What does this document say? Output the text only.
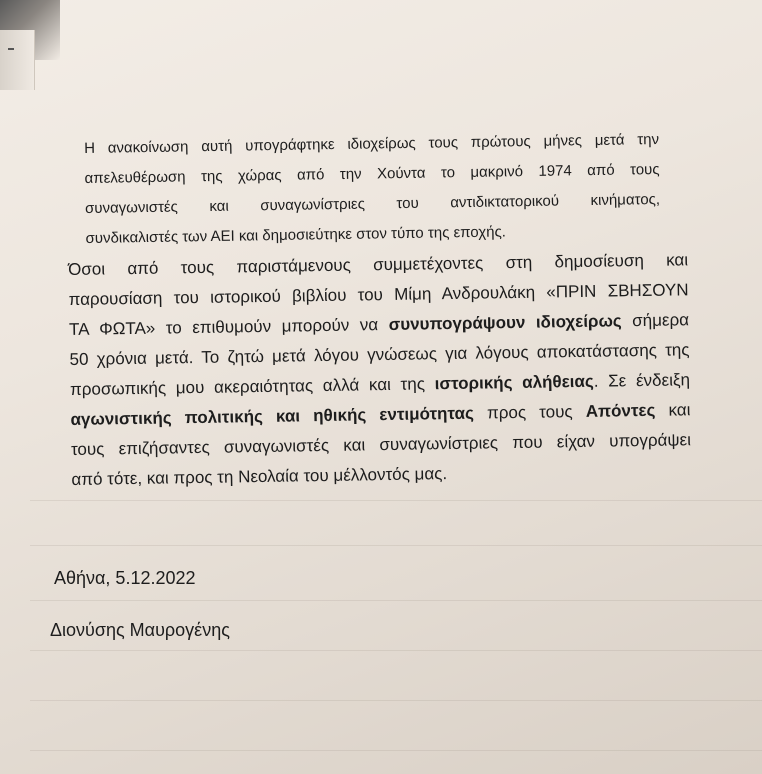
Η ανακοίνωση αυτή υπογράφτηκε ιδιοχείρως τους πρώτους μήνες μετά την
απελευθέρωση της χώρας από την Χούντα το μακρινό 1974 από τους
συναγωνιστές και συναγωνίστριες του αντιδικτατορικού κινήματος,
συνδικαλιστές των ΑΕΙ και δημοσιεύτηκε στον τύπο της εποχής.
Όσοι από τους παριστάμενους συμμετέχοντες στη δημοσίευση και
παρουσίαση του ιστορικού βιβλίου του Μίμη Ανδρουλάκη «ΠΡΙΝ ΣΒΗΣΟΥΝ
ΤΑ ΦΩΤΑ» το επιθυμούν μπορούν να συνυπογράψουν ιδιοχείρως σήμερα
50 χρόνια μετά. Το ζητώ μετά λόγου γνώσεως για λόγους αποκατάστασης της
προσωπικής μου ακεραιότητας αλλά και της ιστορικής αλήθειας. Σε ένδειξη
αγωνιστικής πολιτικής και ηθικής εντιμότητας προς τους Απόντες και
τους επιζήσαντες συναγωνιστές και συναγωνίστριες που είχαν υπογράψει
από τότε, και προς τη Νεολαία του μέλλοντός μας.
Αθήνα, 5.12.2022
Διονύσης Μαυρογένης
